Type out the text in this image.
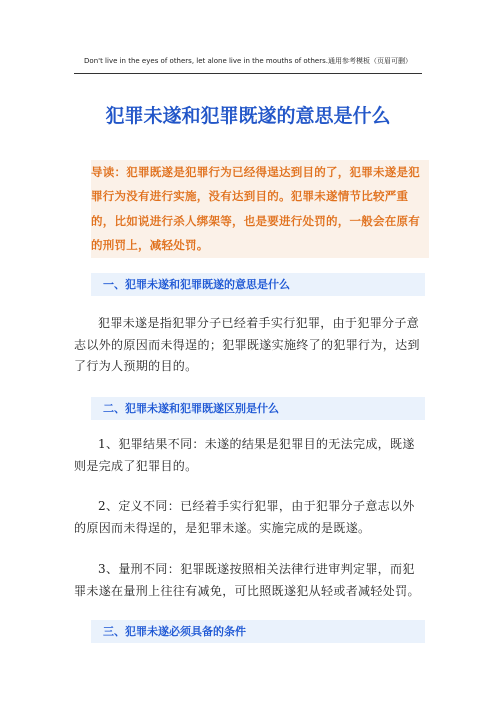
Don't live in the eyes of others, let alone live in the mouths of others.通用参考模板（页眉可删）
犯罪未遂和犯罪既遂的意思是什么
导读：犯罪既遂是犯罪行为已经得逞达到目的了，犯罪未遂是犯罪行为没有进行实施，没有达到目的。犯罪未遂情节比较严重的，比如说进行杀人绑架等，也是要进行处罚的，一般会在原有的刑罚上，减轻处罚。
一、犯罪未遂和犯罪既遂的意思是什么
犯罪未遂是指犯罪分子已经着手实行犯罪，由于犯罪分子意志以外的原因而未得逞的；犯罪既遂实施终了的犯罪行为，达到了行为人预期的目的。
二、犯罪未遂和犯罪既遂区别是什么
1、犯罪结果不同：未遂的结果是犯罪目的无法完成，既遂则是完成了犯罪目的。
2、定义不同：已经着手实行犯罪，由于犯罪分子意志以外的原因而未得逞的，是犯罪未遂。实施完成的是既遂。
3、量刑不同：犯罪既遂按照相关法律行进审判定罪，而犯罪未遂在量刑上往往有减免，可比照既遂犯从轻或者减轻处罚。
三、犯罪未遂必须具备的条件
